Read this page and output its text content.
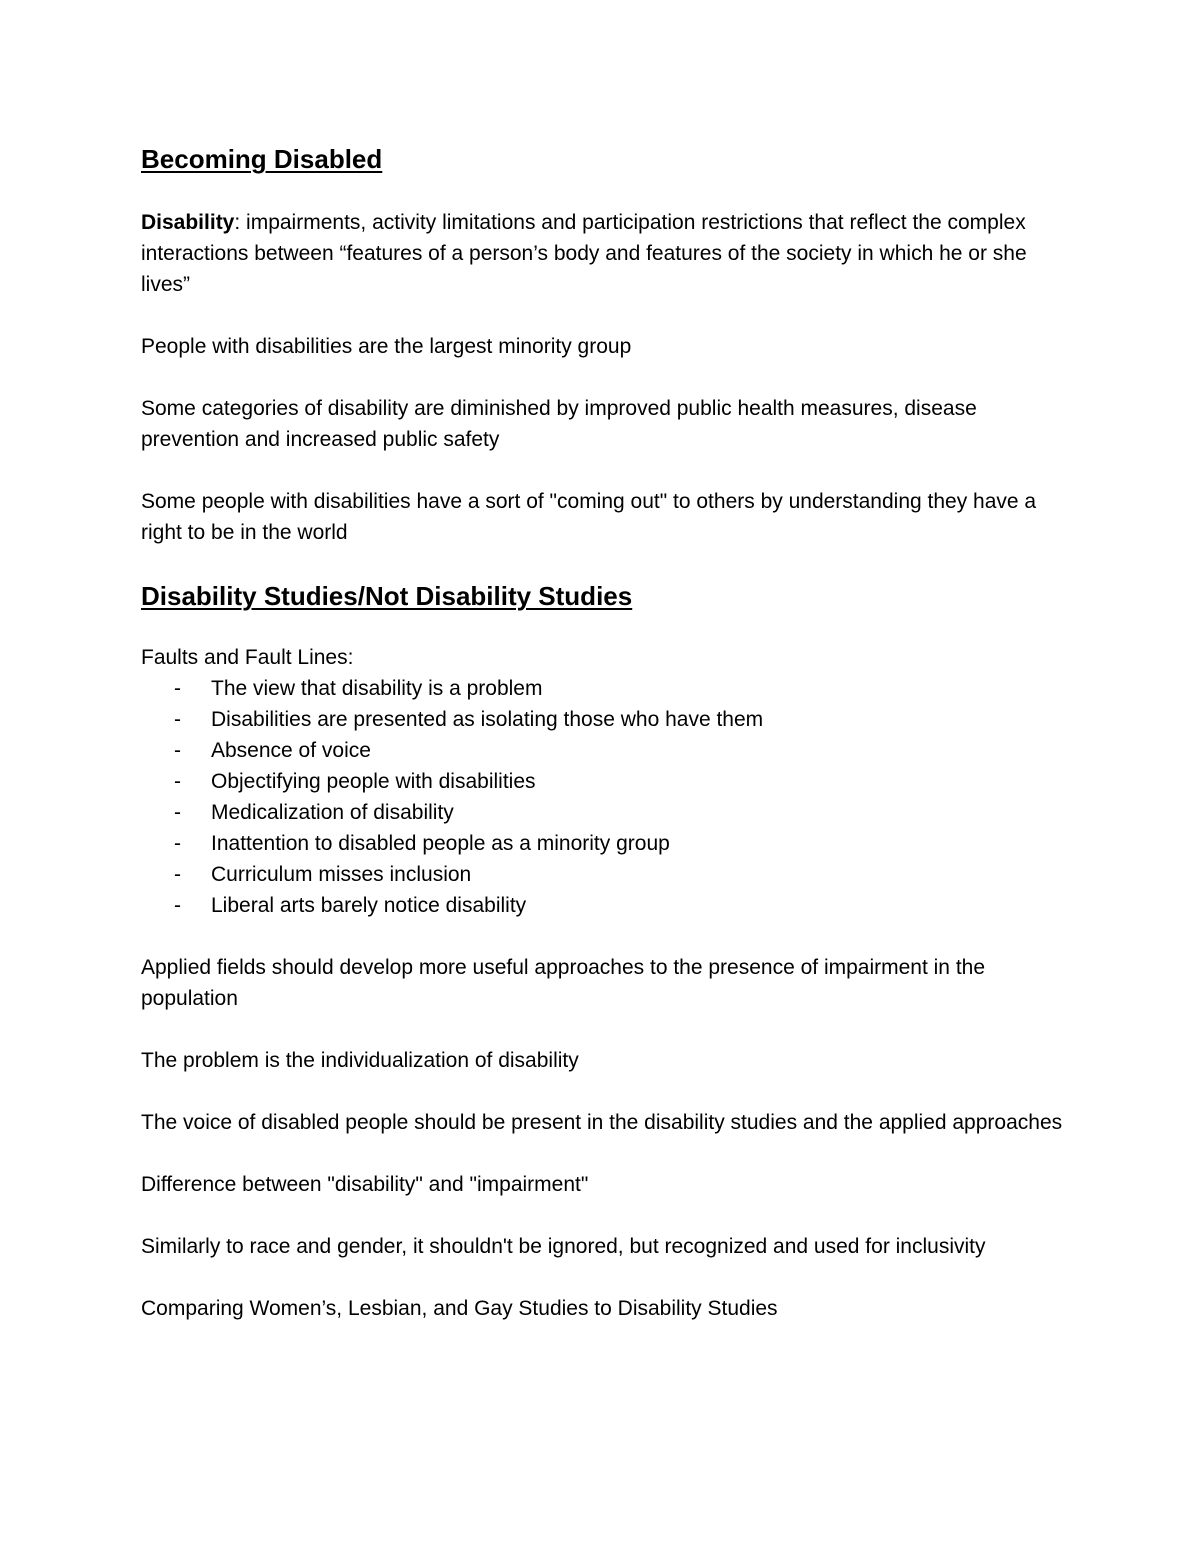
Becoming Disabled

Disability: impairments, activity limitations and participation restrictions that reflect the complex interactions between “features of a person’s body and features of the society in which he or she lives”

People with disabilities are the largest minority group

Some categories of disability are diminished by improved public health measures, disease prevention and increased public safety

Some people with disabilities have a sort of "coming out" to others by understanding they have a right to be in the world

Disability Studies/Not Disability Studies

Faults and Fault Lines:

- The view that disability is a problem
- Disabilities are presented as isolating those who have them
- Absence of voice
- Objectifying people with disabilities
- Medicalization of disability
- Inattention to disabled people as a minority group
- Curriculum misses inclusion
- Liberal arts barely notice disability

Applied fields should develop more useful approaches to the presence of impairment in the population

The problem is the individualization of disability

The voice of disabled people should be present in the disability studies and the applied approaches

Difference between "disability" and "impairment"

Similarly to race and gender, it shouldn't be ignored, but recognized and used for inclusivity

Comparing Women’s, Lesbian, and Gay Studies to Disability Studies
